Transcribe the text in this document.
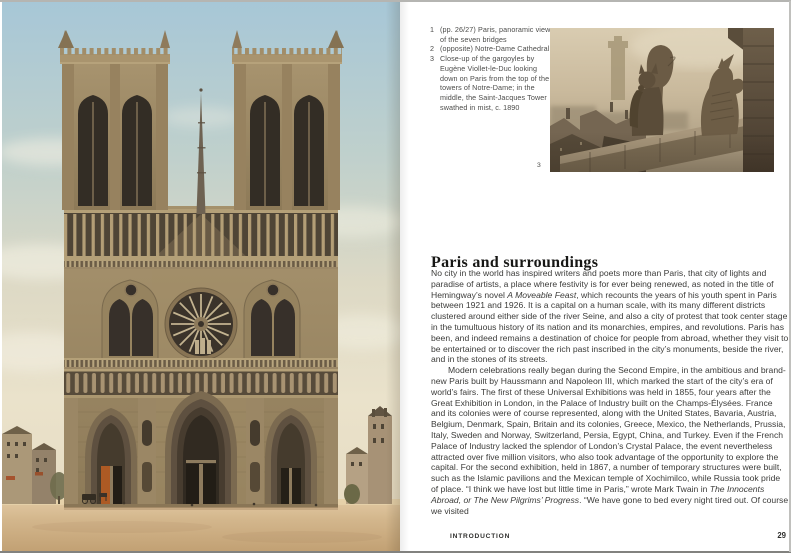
1 (pp. 26/27) Paris, panoramic view of the seven bridges
2 (opposite) Notre-Dame Cathedral
3 Close-up of the gargoyles by Eugène Viollet-le-Duc looking down on Paris from the top of the towers of Notre-Dame; in the middle, the Saint-Jacques Tower swathed in mist, c. 1890
3
Paris and surroundings

No city in the world has inspired writers and poets more than Paris, that city of lights and paradise of artists, a place where festivity is for ever being renewed, as noted in the title of Hemingway’s novel A Moveable Feast, which recounts the years of his youth spent in Paris between 1921 and 1926. It is a capital on a human scale, with its many different districts clustered around either side of the river Seine, and also a city of protest that took center stage in the tumultuous history of its nation and its monarchies, empires, and revolutions. Paris has been, and indeed remains a destination of choice for people from abroad, whether they visit to be entertained or to discover the rich past inscribed in the city’s monuments, beside the river, and in the stones of its streets.

Modern celebrations really began during the Second Empire, in the ambitious and brand-new Paris built by Haussmann and Napoleon III, which marked the start of the city’s era of world’s fairs. The first of these Universal Exhibitions was held in 1855, four years after the Great Exhibition in London, in the Palace of Industry built on the Champs-Élysées. France and its colonies were of course represented, along with the United States, Bavaria, Austria, Belgium, Denmark, Spain, Britain and its colonies, Greece, Mexico, the Netherlands, Prussia, Italy, Sweden and Norway, Switzerland, Persia, Egypt, China, and Turkey. Even if the French Palace of Industry lacked the splendor of London’s Crystal Palace, the event nevertheless attracted over five million visitors, who also took advantage of the opportunity to explore the capital. For the second exhibition, held in 1867, a number of temporary structures were built, such as the Islamic pavilions and the Mexican temple of Xochimilco, while Russia took pride of place. “I think we have lost but little time in Paris,” wrote Mark Twain in The Innocents Abroad, or The New Pilgrims’ Progress. “We have gone to bed every night tired out. Of course we visited

INTRODUCTION	29
